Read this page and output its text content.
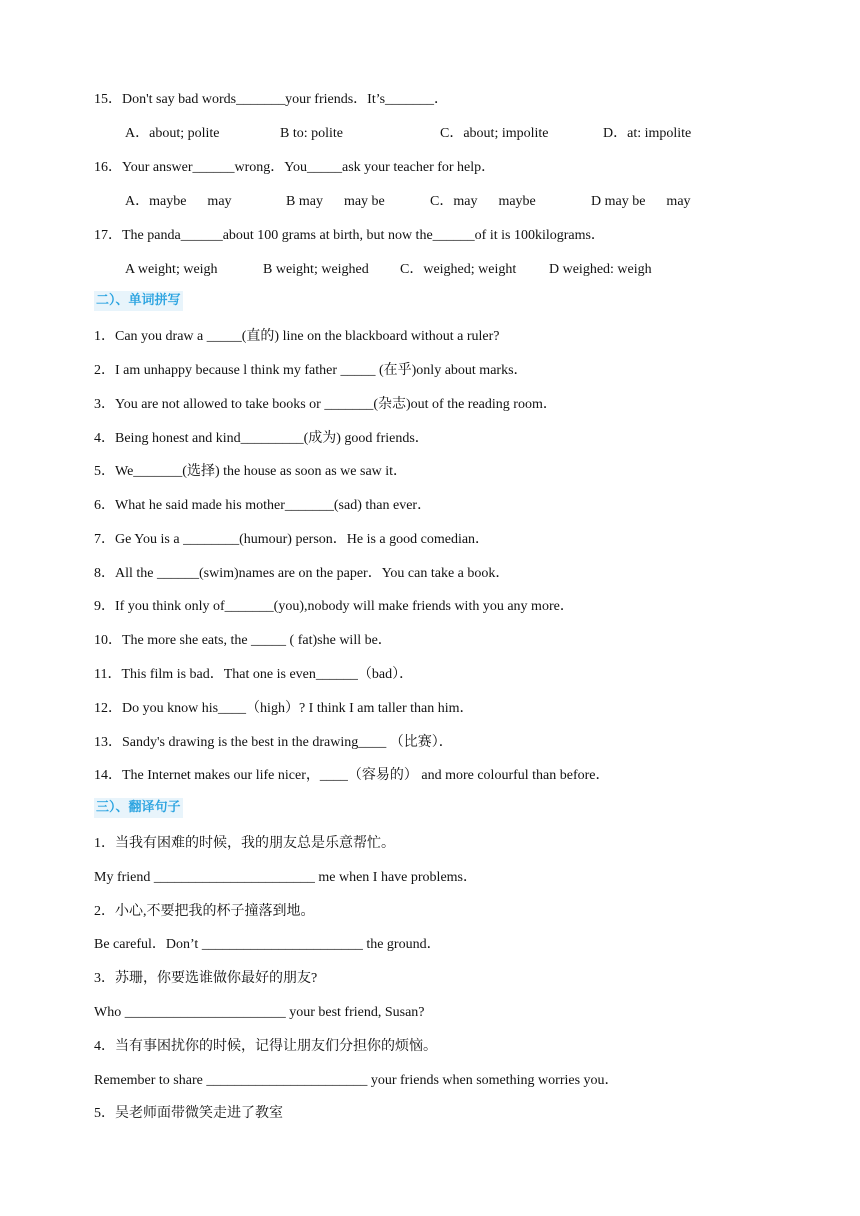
15．Don't say bad words_______your friends．It’s_______．
A．about; polite	B to: polite	C．about; impolite	D．at: impolite
16．Your answer______wrong．You_____ask your teacher for help．
A．maybe      may	B may      may be	C．may      maybe	D may be      may
17．The panda______about 100 grams at birth, but now the______of it is 100kilograms．
A weight; weigh	B weight; weighed C．weighed; weight D weighed: weigh
二）、单词拼写
1．Can you draw a _____(直的) line on the blackboard without a ruler?
2．I am unhappy because l think my father _____ (在乎)only about marks．
3．You are not allowed to take books or _______(杂志)out of the reading room．
4．Being honest and kind_________(成为) good friends．
5．We_______(选择) the house as soon as we saw it．
6．What he said made his mother_______(sad) than ever．
7．Ge You is a ________(humour) person．He is a good comedian．
8．All the ______(swim)names are on the paper．You can take a book．
9．If you think only of_______(you),nobody will make friends with you any more．
10．The more she eats, the _____ ( fat)she will be．
11．This film is bad．That one is even______（bad）．
12．Do you know his____（high）? I think I am taller than him．
13．Sandy's drawing is the best in the drawing____ （比赛）．
14．The Internet makes our life nicer，____（容易的） and more colourful than before．
三）、翻译句子
1．当我有困难的时候，我的朋友总是乐意帮忙。
My friend _______________________ me when I have problems．
2．小心,不要把我的杯子撞落到地。
Be careful．Don’t _______________________ the ground．
3．苏珊，你要选谁做你最好的朋友?
Who _______________________ your best friend, Susan?
4．当有事困扰你的时候，记得让朋友们分担你的烦恼。
Remember to share _______________________ your friends when something worries you．
5．吴老师面带微笑走进了教室
